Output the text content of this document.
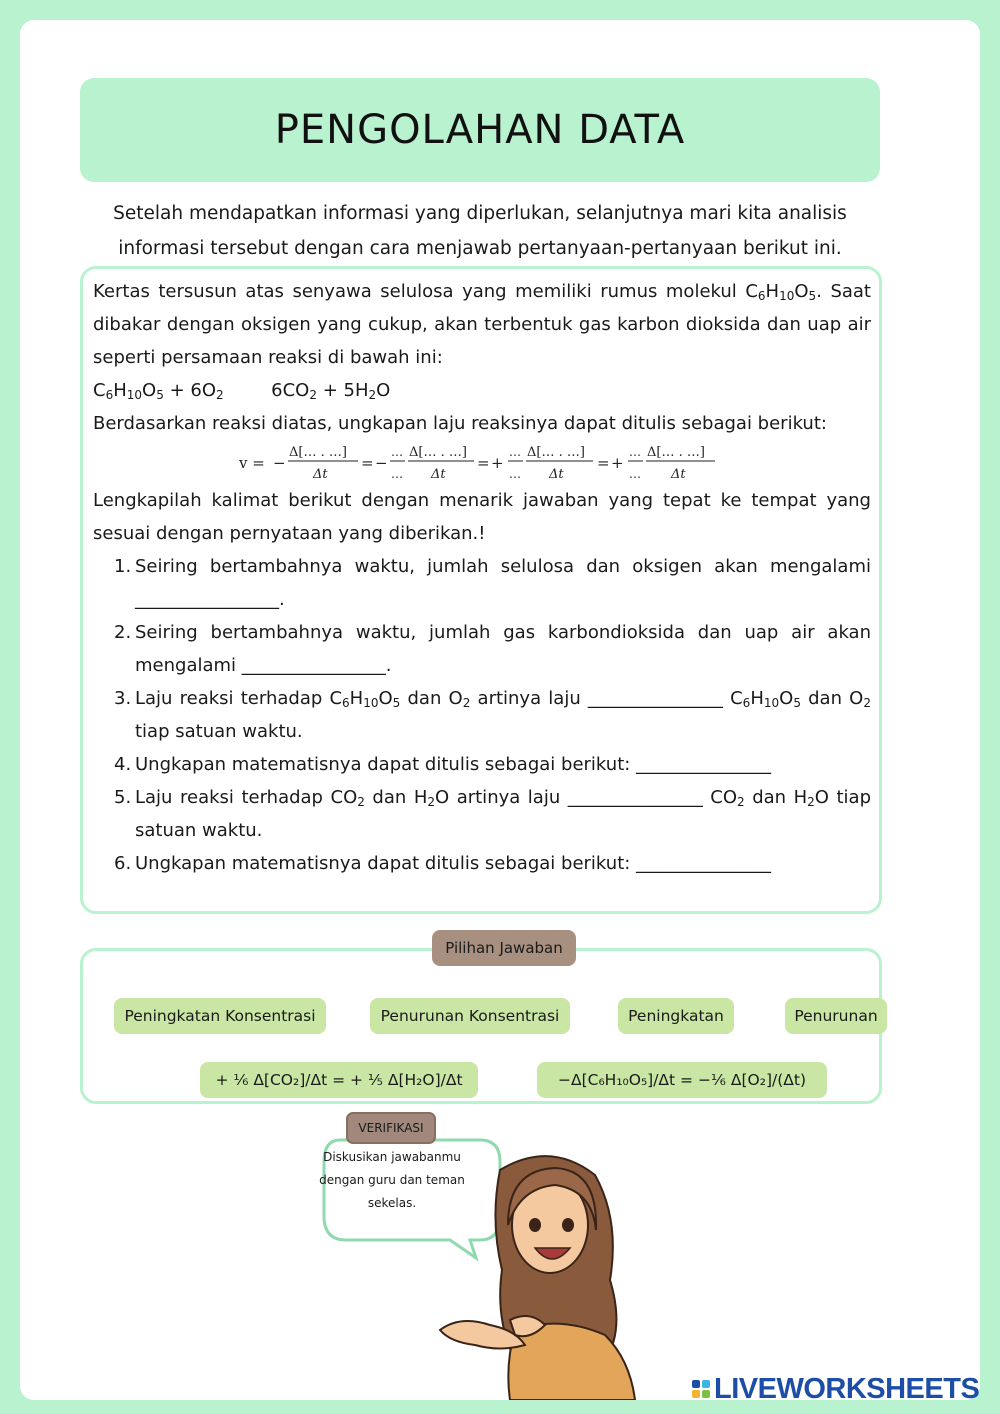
PENGOLAHAN DATA
Setelah mendapatkan informasi yang diperlukan, selanjutnya mari kita analisis
informasi tersebut dengan cara menjawab pertanyaan-pertanyaan berikut ini.

Kertas tersusun atas senyawa selulosa yang memiliki rumus molekul $C_6H_{10}O_5$. Saat dibakar dengan oksigen yang cukup, akan terbentuk gas karbon dioksida dan uap air seperti persamaan reaksi di bawah ini:

$C_6H_{10}O_5 + 6O_2$	$6CO_2 + 5H_2O$

Berdasarkan reaksi diatas, ungkapan laju reaksinya dapat ditulis sebagai berikut:

v = −
Δ[… . …]
Δt
= −
…
…
Δ[… . …]
Δt
= +
…
…
Δ[… . …]
Δt
= +
…
…
Δ[… . …]
Δt

Lengkapilah kalimat berikut dengan menarik jawaban yang tepat ke tempat yang sesuai dengan pernyataan yang diberikan.!

Seiring bertambahnya waktu, jumlah selulosa dan oksigen akan mengalami ________________.
Seiring bertambahnya waktu, jumlah gas karbondioksida dan uap air akan mengalami ________________.
Laju reaksi terhadap $C_6H_{10}O_5$ dan $O_2$ artinya laju _______________ $C_6H_{10}O_5$ dan $O_2$ tiap satuan waktu.
Ungkapan matematisnya dapat ditulis sebagai berikut: _______________
Laju reaksi terhadap $CO_2$ dan $H_2O$ artinya laju _______________ $CO_2$ dan $H_2O$ tiap satuan waktu.
Ungkapan matematisnya dapat ditulis sebagai berikut: _______________
Pilihan Jawaban
Peningkatan Konsentrasi	Penurunan Konsentrasi	Peningkatan	Penurunan
+ ⅙ Δ[CO₂]/Δt = + ⅕ Δ[H₂O]/Δt	−Δ[C₆H₁₀O₅]/Δt = −⅙ Δ[O₂]/(Δt)
VERIFIKASI
Diskusikan jawabanmu
dengan guru dan teman
sekelas.
LIVEWORKSHEETS
